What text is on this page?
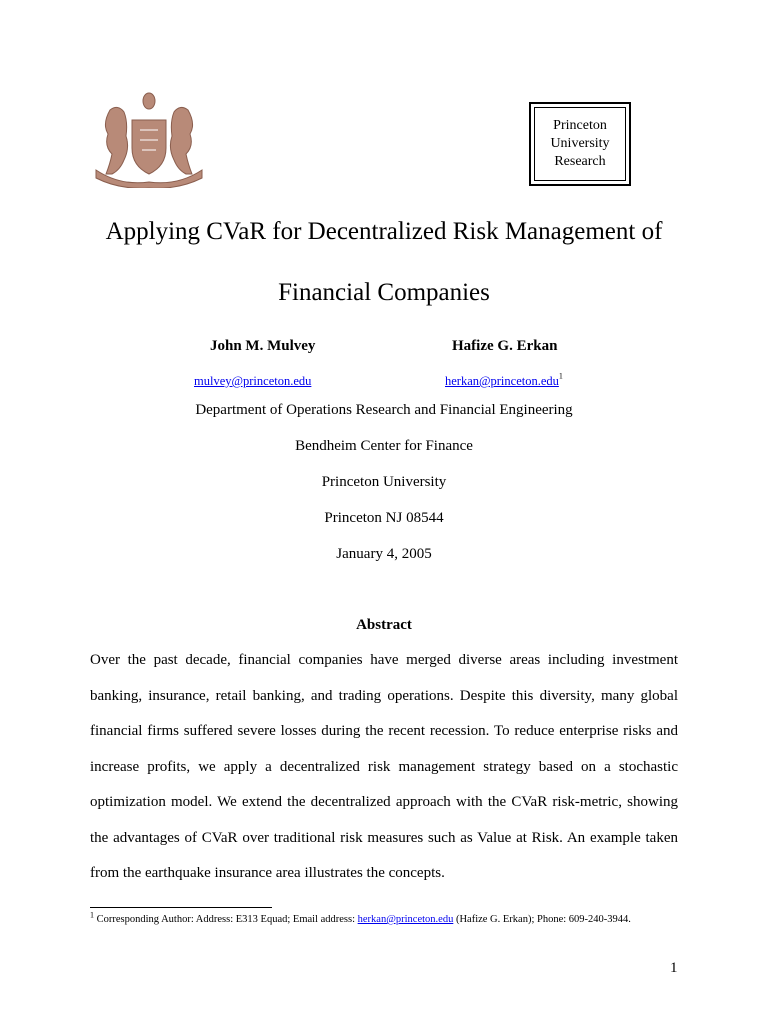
Princeton
University
Research
Applying CVaR for Decentralized Risk Management of
Financial Companies
John M. Mulvey	Hafize G. Erkan
mulvey@princeton.edu	herkan@princeton.edu$^1$
Department of Operations Research and Financial Engineering
Bendheim Center for Finance
Princeton University
Princeton NJ 08544
January 4, 2005
Abstract
Over the past decade, financial companies have merged diverse areas including investment
banking, insurance, retail banking, and trading operations. Despite this diversity, many global
financial firms suffered severe losses during the recent recession. To reduce enterprise risks and
increase profits, we apply a decentralized risk management strategy based on a stochastic
optimization model. We extend the decentralized approach with the CVaR risk-metric, showing
the advantages of CVaR over traditional risk measures such as Value at Risk. An example taken
from the earthquake insurance area illustrates the concepts.
$^1$ Corresponding Author: Address: E313 Equad; Email address: herkan@princeton.edu (Hafize G. Erkan); Phone: 609-240-3944.
1
